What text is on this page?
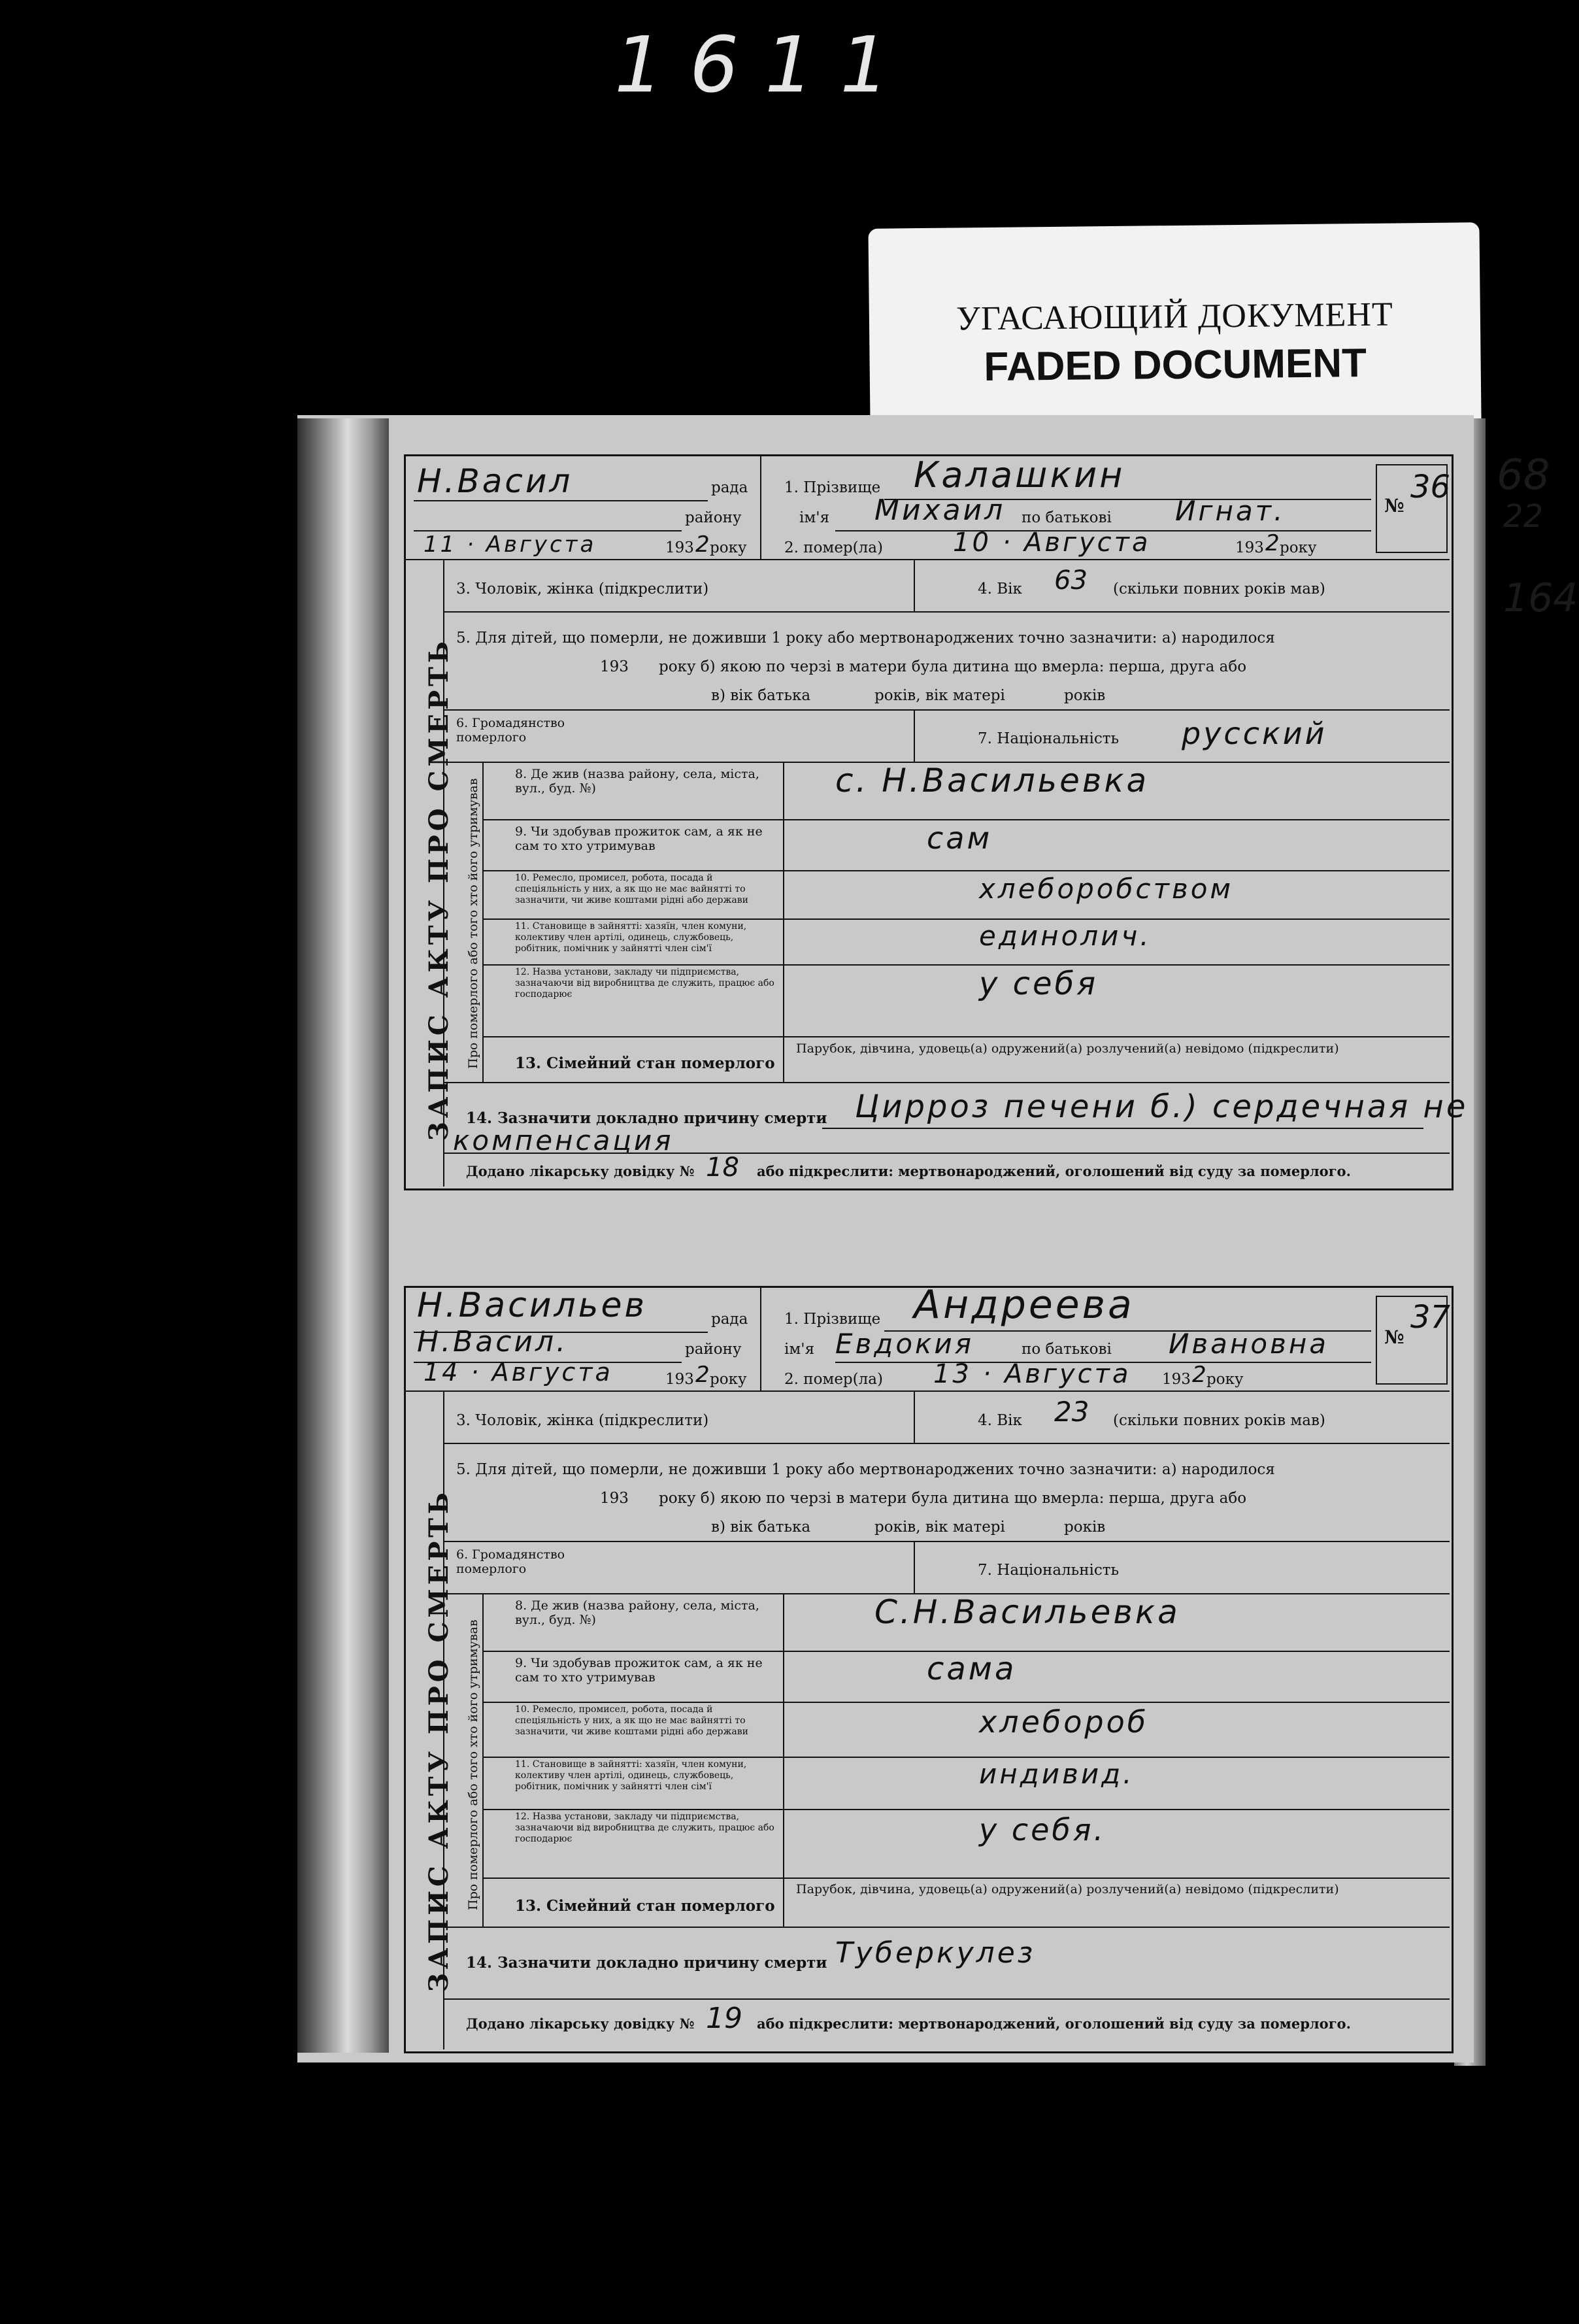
1611
УГАСАЮЩИЙ ДОКУМЕНТ
FADED DOCUMENT
68
22
164
Н.Васил	рада
району
11 · Августа	193 2 року
1. Прізвище Калашкин
ім'я Михаил по батькові Игнат.
2. помер(ла)	10 · Августа	193 2 року
№
36
ЗАПИС АКТУ ПРО СМЕРТЬ
3. Чоловік, жінка (підкреслити)	4. Вік 63 (скільки повних років мав)
5. Для дітей, що померли, не доживши 1 року або мертвонароджених точно зазначити: а) народилося
193 року б) якою по черзі в матери була дитина що вмерла: перша, друга або
в) вік батька	років, вік матері	років
6. Громадянство померлого	7. Національність русский
Про померлого або того хто його утримував
8. Де жив (назва району, села, міста, вул., буд. №)	с. Н.Васильевка
9. Чи здобував прожиток сам, а як не сам то хто утримував	сам
10. Ремесло, промисел, робота, посада й спеціяльність у них, а як що не має вайнятті то зазначити, чи живе коштами рідні або держави	хлеборобством
11. Становище в зайнятті: хазяїн, член комуни, колективу член артілі, одинець, службовець, робітник, помічник у зайнятті член сім'ї	единолич.
12. Назва установи, закладу чи підприємства, зазначаючи від виробництва де служить, працює або господарює	у себя
13. Сімейний стан померлого
Парубок, дівчина, удовець(а) одружений(а) розлучений(а) невідомо (підкреслити)
14. Зазначити докладно причину смерти Цирроз печени б.) сердечная не
компенсация
Додано лікарську довідку № 18 або підкреслити: мертвонароджений, оголошений від суду за померлого.
Н.Васильев	рада
Н.Васил.	району
14 · Августа	193 2 року
1. Прізвище Андреева
ім'я Евдокия	по батькові Ивановна
2. помер(ла) 13 · Августа 193 2 року
№
37
ЗАПИС АКТУ ПРО СМЕРТЬ
3. Чоловік, жінка (підкреслити)	4. Вік 23 (скільки повних років мав)
5. Для дітей, що померли, не доживши 1 року або мертвонароджених точно зазначити: а) народилося
193 року б) якою по черзі в матери була дитина що вмерла: перша, друга або
в) вік батька	років, вік матері	років
6. Громадянство померлого	7. Національність
Про померлого або того хто його утримував
8. Де жив (назва району, села, міста, вул., буд. №)	С.Н.Васильевка
9. Чи здобував прожиток сам, а як не сам то хто утримував	сама
10. Ремесло, промисел, робота, посада й спеціяльність у них, а як що не має вайнятті то зазначити, чи живе коштами рідні або держави	хлебороб
11. Становище в зайнятті: хазяїн, член комуни, колективу член артілі, одинець, службовець, робітник, помічник у зайнятті член сім'ї	индивид.
12. Назва установи, закладу чи підприємства, зазначаючи від виробництва де служить, працює або господарює	у себя.
13. Сімейний стан померлого
Парубок, дівчина, удовець(а) одружений(а) розлучений(а) невідомо (підкреслити)
14. Зазначити докладно причину смерти Туберкулез
Додано лікарську довідку № 19 або підкреслити: мертвонароджений, оголошений від суду за померлого.
